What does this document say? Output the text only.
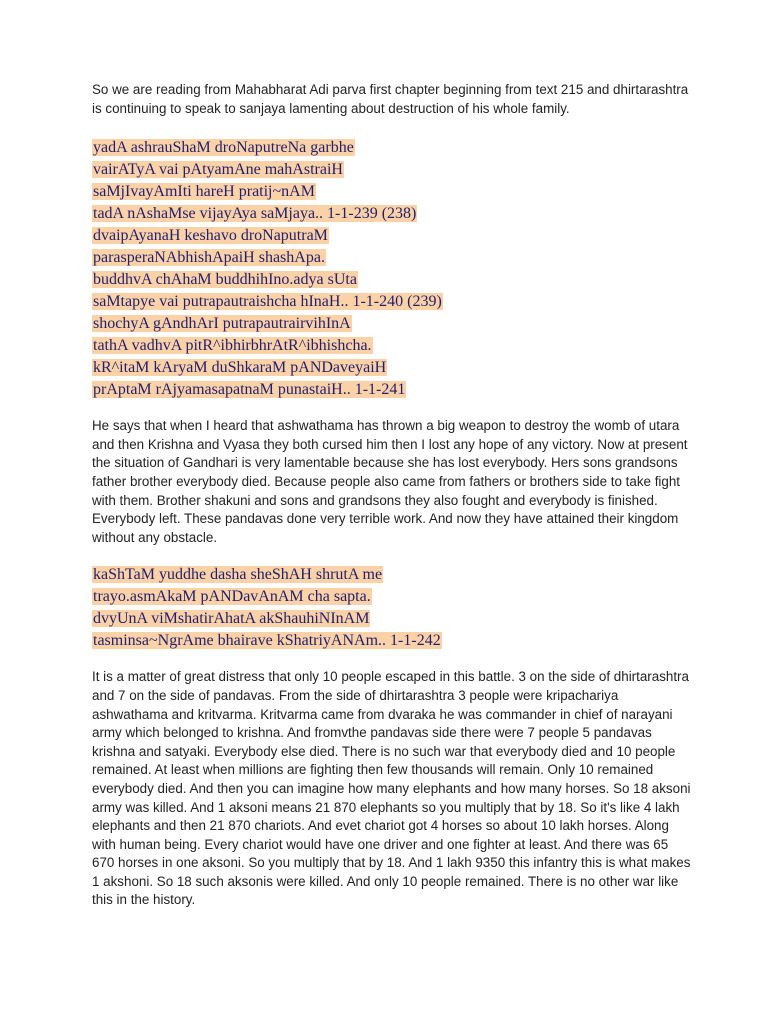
So we are reading from Mahabharat Adi parva first chapter beginning from text 215 and dhirtarashtra is continuing to speak to sanjaya lamenting about destruction of his whole family.

yadA ashrauShaM droNaputreNa garbhe
vairATyA vai pAtyamAne mahAstraiH
saMjIvayAmIti hareH pratij~nAM
tadA nAshaMse vijayAya saMjaya.. 1-1-239 (238)
dvaipAyanaH keshavo droNaputraM
parasperaNAbhishApaiH shashApa.
buddhvA chAhaM buddhihIno.adya sUta
saMtapye vai putrapautraishcha hInaH.. 1-1-240 (239)
shochyA gAndhArI putrapautrairvihInA
tathA vadhvA pitR^ibhirbhrAtR^ibhishcha.
kR^itaM kAryaM duShkaraM pANDaveyaiH
prAptaM rAjyamasapatnaM punastaiH.. 1-1-241

He says that when I heard that ashwathama has thrown a big weapon to destroy the womb of utara and then Krishna and Vyasa they both cursed him then I lost any hope of any victory. Now at present the situation of Gandhari is very lamentable because she has lost everybody. Hers sons grandsons father brother everybody died. Because people also came from fathers or brothers side to take fight with them. Brother shakuni and sons and grandsons they also fought and everybody is finished. Everybody left. These pandavas done very terrible work. And now they have attained their kingdom without any obstacle.

kaShTaM yuddhe dasha sheShAH shrutA me
trayo.asmAkaM pANDavAnAM cha sapta.
dvyUnA viMshatirAhatA akShauhiNInAM
tasminsa~NgrAme bhairave kShatriyANAm.. 1-1-242

It is a matter of great distress that only 10 people escaped in this battle. 3 on the side of dhirtarashtra and 7 on the side of pandavas. From the side of dhirtarashtra 3 people were kripachariya ashwathama and kritvarma. Kritvarma came from dvaraka he was commander in chief of narayani army which belonged to krishna. And fromvthe pandavas side there were 7 people 5 pandavas krishna and satyaki. Everybody else died. There is no such war that everybody died and 10 people remained. At least when millions are fighting then few thousands will remain. Only 10 remained everybody died. And then you can imagine how many elephants and how many horses. So 18 aksoni army was killed. And 1 aksoni means 21 870 elephants so you multiply that by 18. So it's like 4 lakh elephants and then 21 870 chariots. And evet chariot got 4 horses so about 10 lakh horses. Along with human being. Every chariot would have one driver and one fighter at least. And there was 65 670 horses in one aksoni. So you multiply that by 18. And 1 lakh 9350 this infantry this is what makes 1 akshoni. So 18 such aksonis were killed. And only 10 people remained. There is no other war like this in the history.
